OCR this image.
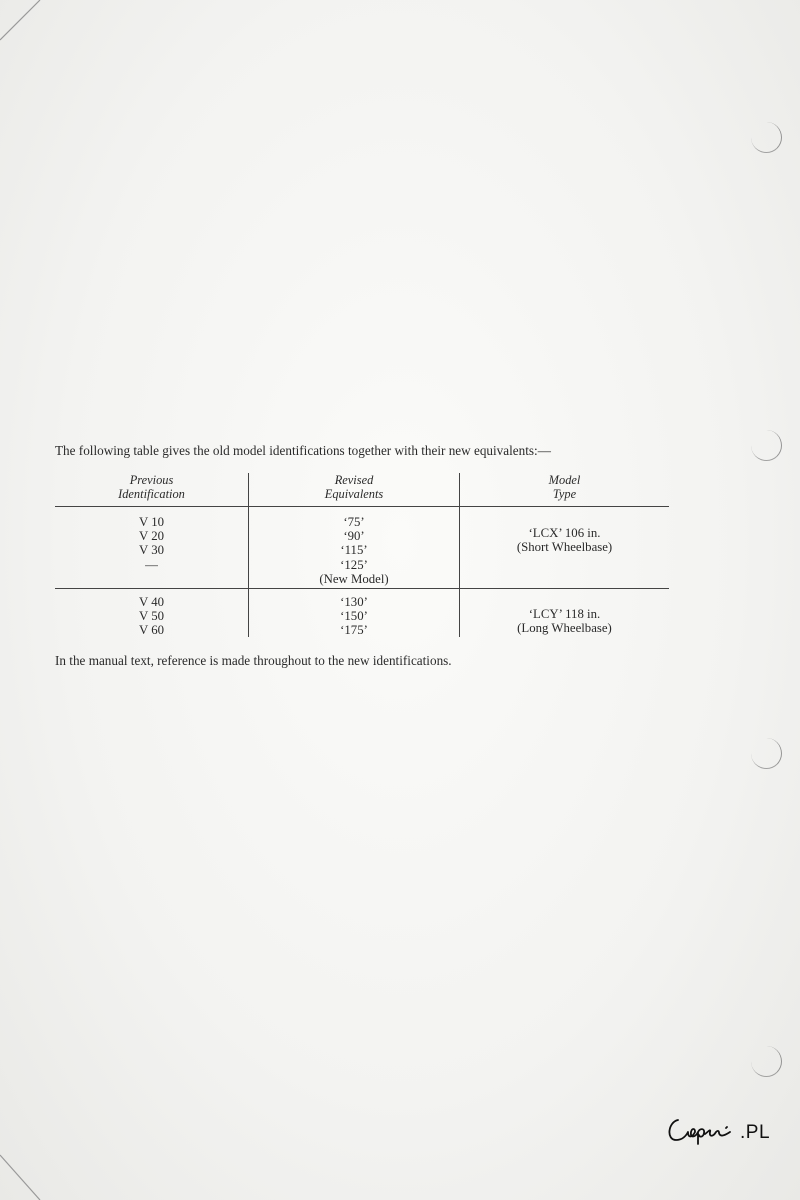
The following table gives the old model identifications together with their new equivalents:—
Previous
Identification
Revised
Equivalents
Model
Type
V 10
V 20
V 30
—
‘75’
‘90’
‘115’
‘125’
(New Model)
‘LCX’ 106 in.
(Short Wheelbase)
V 40
V 50
V 60
‘130’
‘150’
‘175’
‘LCY’ 118 in.
(Long Wheelbase)
In the manual text, reference is made throughout to the new identifications.
.PL
